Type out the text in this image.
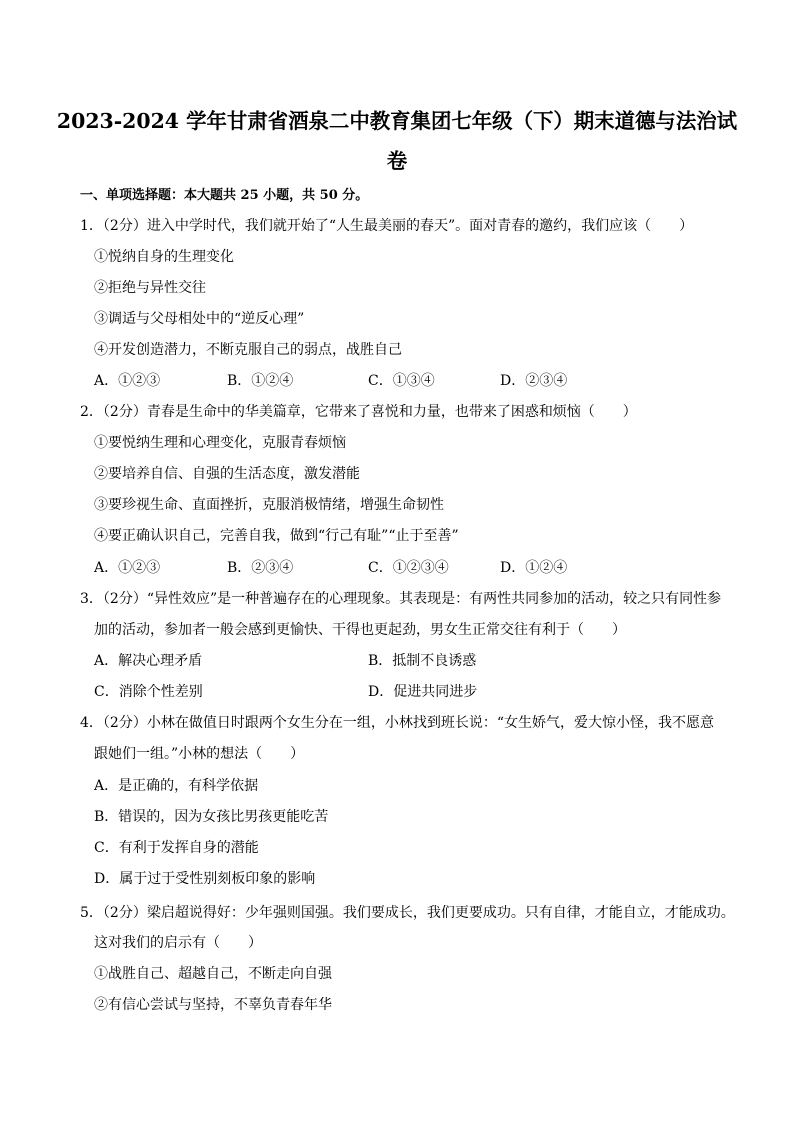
2023-2024 学年甘肃省酒泉二中教育集团七年级（下）期末道德与法治试
卷
一、单项选择题：本大题共 25 小题，共 50 分。
1．（2分）进入中学时代，我们就开始了“人生最美丽的春天”。面对青春的邀约，我们应该（　　）
①悦纳自身的生理变化
②拒绝与异性交往
③调适与父母相处中的“逆反心理”
④开发创造潜力，不断克服自己的弱点，战胜自己
A．①②③	B．①②④	C．①③④	D．②③④
2．（2分）青春是生命中的华美篇章，它带来了喜悦和力量，也带来了困惑和烦恼（　　）
①要悦纳生理和心理变化，克服青春烦恼
②要培养自信、自强的生活态度，激发潜能
③要珍视生命、直面挫折，克服消极情绪，增强生命韧性
④要正确认识自己，完善自我，做到“行己有耻”“止于至善”
A．①②③	B．②③④	C．①②③④	D．①②④
3．（2分）“异性效应”是一种普遍存在的心理现象。其表现是：有两性共同参加的活动，较之只有同性参
加的活动，参加者一般会感到更愉快、干得也更起劲，男女生正常交往有利于（　　）
A．解决心理矛盾	B．抵制不良诱惑
C．消除个性差别	D．促进共同进步
4．（2分）小林在做值日时跟两个女生分在一组，小林找到班长说：“女生娇气，爱大惊小怪，我不愿意
跟她们一组。”小林的想法（　　）
A．是正确的，有科学依据
B．错误的，因为女孩比男孩更能吃苦
C．有利于发挥自身的潜能
D．属于过于受性别刻板印象的影响
5．（2分）梁启超说得好：少年强则国强。我们要成长，我们更要成功。只有自律，才能自立，才能成功。
这对我们的启示有（　　）
①战胜自己、超越自己，不断走向自强
②有信心尝试与坚持，不辜负青春年华
